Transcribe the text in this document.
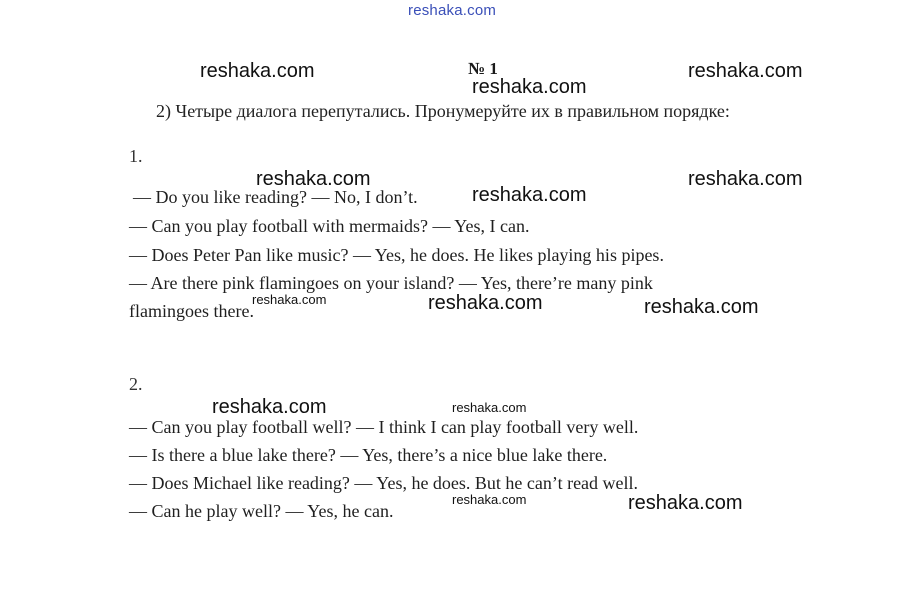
reshaka.com
№ 1
2) Четыре диалога перепутались. Пронумеруйте их в правильном порядке:
1.
— Do you like reading? — No, I don’t.
— Can you play football with mermaids? — Yes, I can.
— Does Peter Pan like music? — Yes, he does. He likes playing his pipes.
— Are there pink flamingoes on your island? — Yes, there’re many pink
flamingoes there.
2.
— Can you play football well? — I think I can play football very well.
— Is there a blue lake there? — Yes, there’s a nice blue lake there.
— Does Michael like reading? — Yes, he does. But he can’t read well.
— Can he play well? — Yes, he can.
reshaka.com
reshaka.com
reshaka.com
reshaka.com
reshaka.com
reshaka.com
reshaka.com	reshaka.com	reshaka.com
reshaka.com	reshaka.com
reshaka.com	reshaka.com
